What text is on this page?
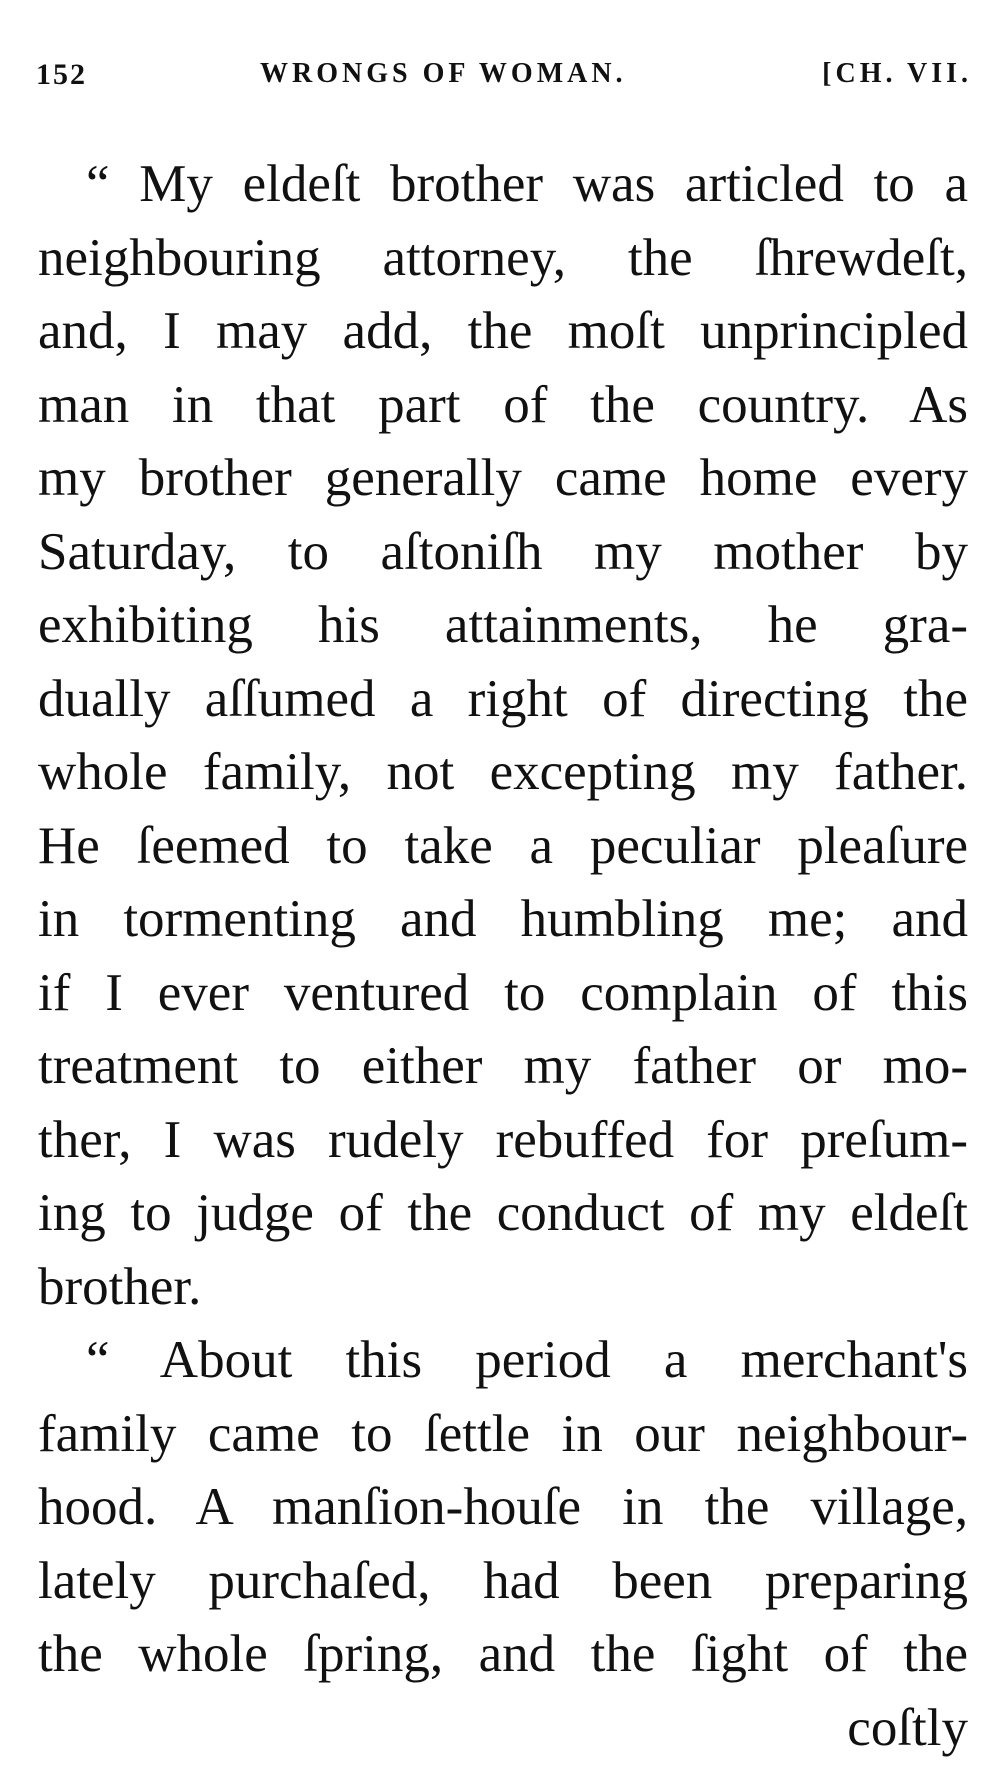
152	WRONGS OF WOMAN.	[CH. VII.
“ My eldeſt brother was articled to a
neighbouring attorney, the ſhrewdeſt,
and, I may add, the moſt unprincipled
man in that part of the country. As
my brother generally came home every
Saturday, to aſtoniſh my mother by
exhibiting his attainments, he gra-
dually aſſumed a right of directing the
whole family, not excepting my father.
He ſeemed to take a peculiar pleaſure
in tormenting and humbling me; and
if I ever ventured to complain of this
treatment to either my father or mo-
ther, I was rudely rebuffed for preſum-
ing to judge of the conduct of my eldeſt
brother.
“ About this period a merchant's
family came to ſettle in our neighbour-
hood. A manſion-houſe in the village,
lately purchaſed, had been preparing
the whole ſpring, and the ſight of the
coſtly
